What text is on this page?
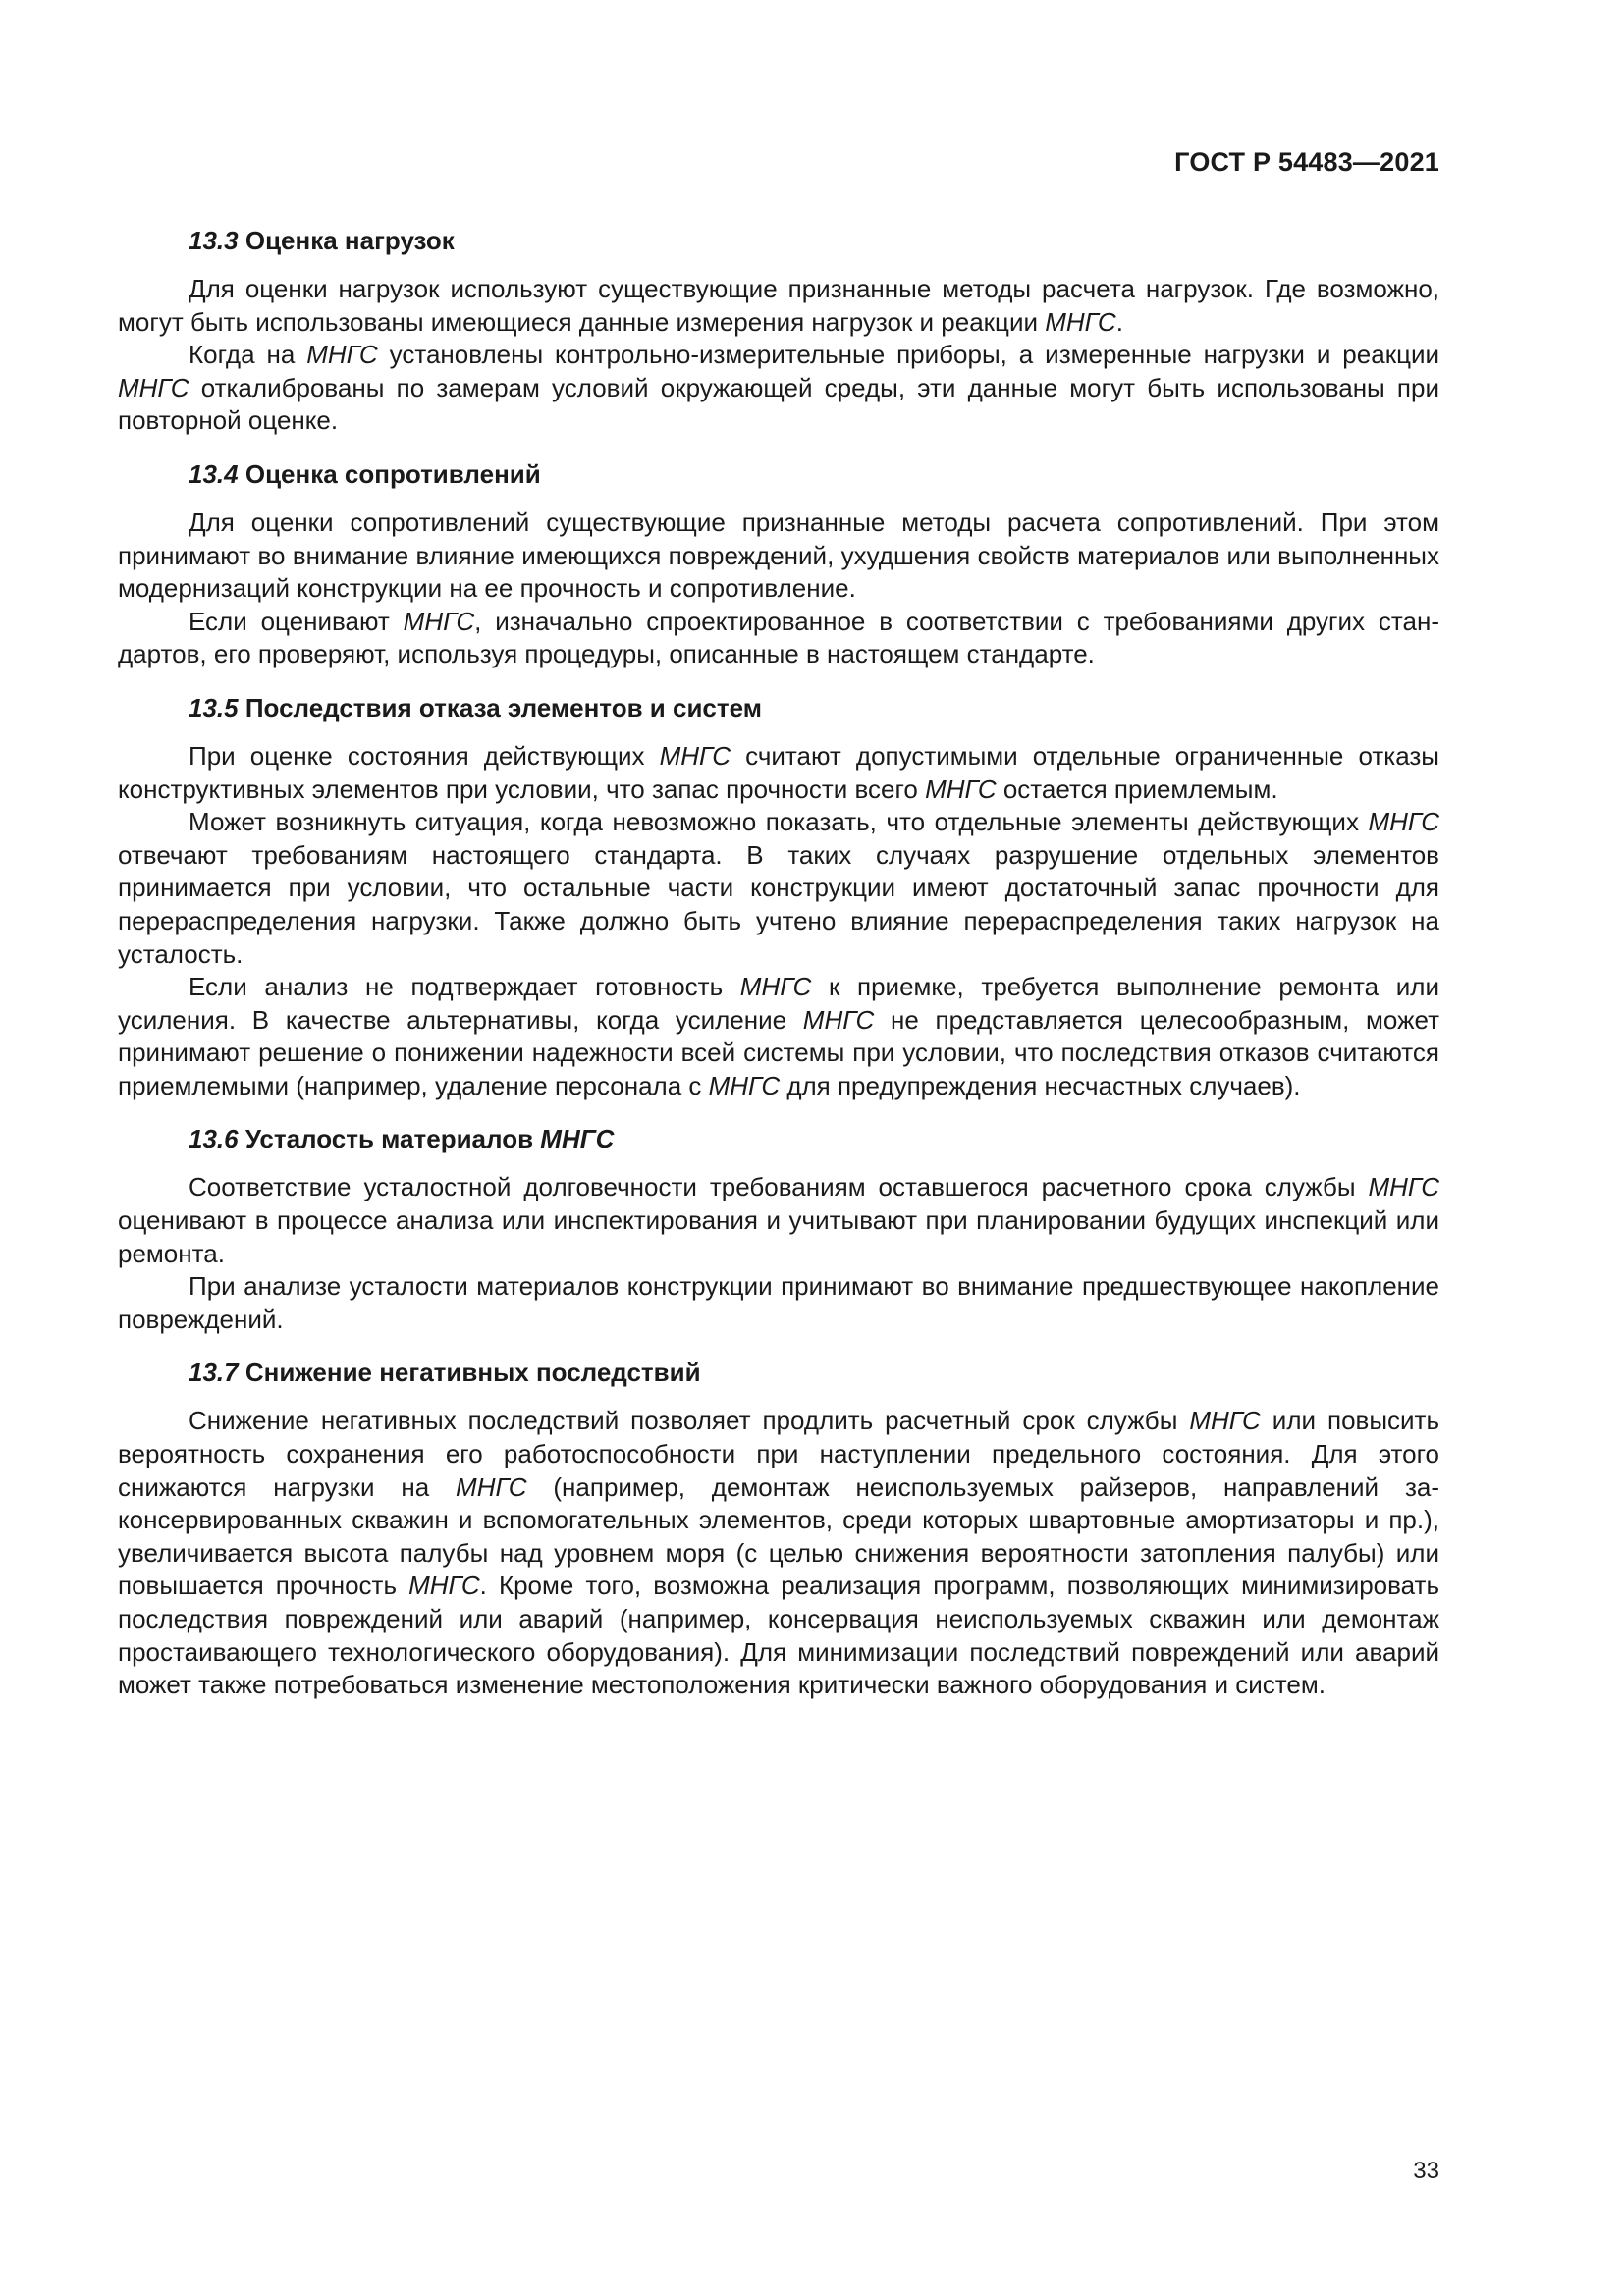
ГОСТ Р 54483—2021
13.3 Оценка нагрузок

Для оценки нагрузок используют существующие признанные методы расчета нагрузок. Где возможно, могут быть использованы имеющиеся данные измерения нагрузок и реакции МНГС.

Когда на МНГС установлены контрольно-измерительные приборы, а измеренные нагрузки и реакции МНГС откалиброваны по замерам условий окружающей среды, эти данные могут быть использованы при повторной оценке.

13.4 Оценка сопротивлений

Для оценки сопротивлений существующие признанные методы расчета сопротивлений. При этом принимают во внимание влияние имеющихся повреждений, ухудшения свойств материалов или выполненных модернизаций конструкции на ее прочность и сопротивление.

Если оценивают МНГС, изначально спроектированное в соответствии с требованиями других стандартов, его проверяют, используя процедуры, описанные в настоящем стандарте.

13.5 Последствия отказа элементов и систем

При оценке состояния действующих МНГС считают допустимыми отдельные ограниченные отказы конструктивных элементов при условии, что запас прочности всего МНГС остается приемлемым.

Может возникнуть ситуация, когда невозможно показать, что отдельные элементы действующих МНГС отвечают требованиям настоящего стандарта. В таких случаях разрушение отдельных элементов принимается при условии, что остальные части конструкции имеют достаточный запас прочности для перераспределения нагрузки. Также должно быть учтено влияние перераспределения таких нагрузок на усталость.

Если анализ не подтверждает готовность МНГС к приемке, требуется выполнение ремонта или усиления. В качестве альтернативы, когда усиление МНГС не представляется целесообразным, может принимают решение о понижении надежности всей системы при условии, что последствия отказов считаются приемлемыми (например, удаление персонала с МНГС для предупреждения несчастных случаев).

13.6 Усталость материалов МНГС

Соответствие усталостной долговечности требованиям оставшегося расчетного срока службы МНГС оценивают в процессе анализа или инспектирования и учитывают при планировании будущих инспекций или ремонта.

При анализе усталости материалов конструкции принимают во внимание предшествующее накопление повреждений.

13.7 Снижение негативных последствий

Снижение негативных последствий позволяет продлить расчетный срок службы МНГС или повысить вероятность сохранения его работоспособности при наступлении предельного состояния. Для этого снижаются нагрузки на МНГС (например, демонтаж неиспользуемых райзеров, направлений законсервированных скважин и вспомогательных элементов, среди которых швартовные амортизаторы и пр.), увеличивается высота палубы над уровнем моря (с целью снижения вероятности затопления палубы) или повышается прочность МНГС. Кроме того, возможна реализация программ, позволяющих минимизировать последствия повреждений или аварий (например, консервация неиспользуемых скважин или демонтаж простаивающего технологического оборудования). Для минимизации последствий повреждений или аварий может также потребоваться изменение местоположения критически важного оборудования и систем.

33
